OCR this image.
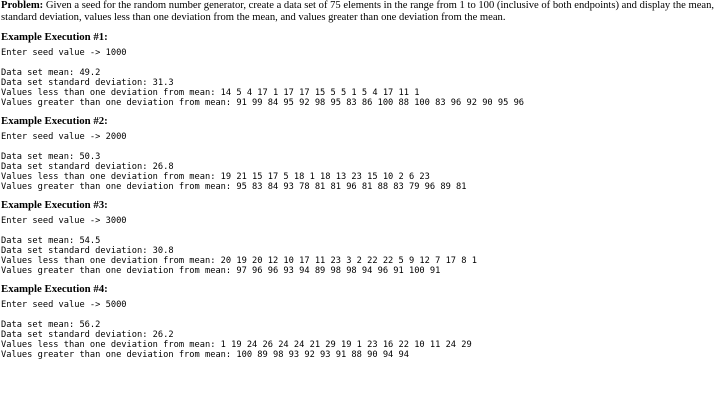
Problem: Given a seed for the random number generator, create a data set of 75 elements in the range from 1 to 100 (inclusive of both endpoints) and display the mean, standard deviation, values less than one deviation from the mean, and values greater than one deviation from the mean.
Example Execution #1:
Enter seed value -> 1000
Data set mean: 49.2
Data set standard deviation: 31.3
Values less than one deviation from mean: 14 5 4 17 1 17 17 15 5 5 1 5 4 17 11 1
Values greater than one deviation from mean: 91 99 84 95 92 98 95 83 86 100 88 100 83 96 92 90 95 96
Example Execution #2:
Enter seed value -> 2000
Data set mean: 50.3
Data set standard deviation: 26.8
Values less than one deviation from mean: 19 21 15 17 5 18 1 18 13 23 15 10 2 6 23
Values greater than one deviation from mean: 95 83 84 93 78 81 81 96 81 88 83 79 96 89 81
Example Execution #3:
Enter seed value -> 3000
Data set mean: 54.5
Data set standard deviation: 30.8
Values less than one deviation from mean: 20 19 20 12 10 17 11 23 3 2 22 22 5 9 12 7 17 8 1
Values greater than one deviation from mean: 97 96 96 93 94 89 98 98 94 96 91 100 91
Example Execution #4:
Enter seed value -> 5000
Data set mean: 56.2
Data set standard deviation: 26.2
Values less than one deviation from mean: 1 19 24 26 24 24 21 29 19 1 23 16 22 10 11 24 29
Values greater than one deviation from mean: 100 89 98 93 92 93 91 88 90 94 94
